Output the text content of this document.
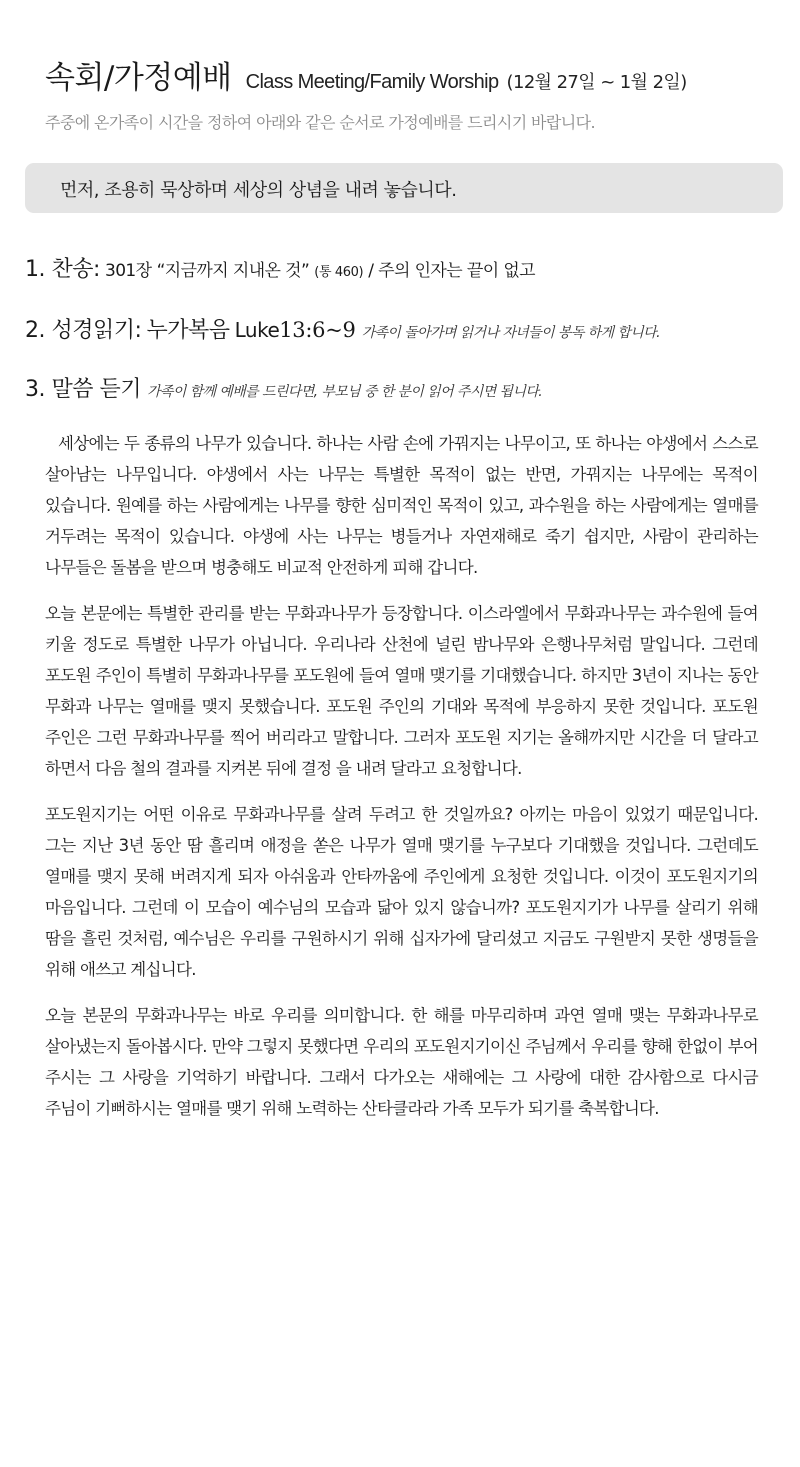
속회/가정예배 Class Meeting/Family Worship (12월 27일 ~ 1월 2일)
주중에 온가족이 시간을 정하여 아래와 같은 순서로 가정예배를 드리시기 바랍니다.
먼저, 조용히 묵상하며 세상의 상념을 내려 놓습니다.
1. 찬송: 301장 “지금까지 지내온 것” (통 460) / 주의 인자는 끝이 없고
2. 성경읽기: 누가복음 Luke13:6~9 가족이 돌아가며 읽거나 자녀들이 봉독 하게 합니다.
3. 말씀 듣기 가족이 함께 예배를 드린다면, 부모님 중 한 분이 읽어 주시면 됩니다.

세상에는 두 종류의 나무가 있습니다. 하나는 사람 손에 가꿔지는 나무이고, 또 하나는 야생에서 스스로 살아남는 나무입니다. 야생에서 사는 나무는 특별한 목적이 없는 반면, 가꿔지는 나무에는 목적이 있습니다. 원예를 하는 사람에게는 나무를 향한 심미적인 목적이 있고, 과수원을 하는 사람에게는 열매를 거두려는 목적이 있습니다. 야생에 사는 나무는 병들거나 자연재해로 죽기 쉽지만, 사람이 관리하는 나무들은 돌봄을 받으며 병충해도 비교적 안전하게 피해 갑니다.

오늘 본문에는 특별한 관리를 받는 무화과나무가 등장합니다. 이스라엘에서 무화과나무는 과수원에 들여 키울 정도로 특별한 나무가 아닙니다. 우리나라 산천에 널린 밤나무와 은행나무처럼 말입니다. 그런데 포도원 주인이 특별히 무화과나무를 포도원에 들여 열매 맺기를 기대했습니다. 하지만 3년이 지나는 동안 무화과 나무는 열매를 맺지 못했습니다. 포도원 주인의 기대와 목적에 부응하지 못한 것입니다. 포도원 주인은 그런 무화과나무를 찍어 버리라고 말합니다. 그러자 포도원 지기는 올해까지만 시간을 더 달라고 하면서 다음 철의 결과를 지켜본 뒤에 결정 을 내려 달라고 요청합니다.

포도원지기는 어떤 이유로 무화과나무를 살려 두려고 한 것일까요? 아끼는 마음이 있었기 때문입니다. 그는 지난 3년 동안 땀 흘리며 애정을 쏟은 나무가 열매 맺기를 누구보다 기대했을 것입니다. 그런데도 열매를 맺지 못해 버려지게 되자 아쉬움과 안타까움에 주인에게 요청한 것입니다. 이것이 포도원지기의 마음입니다. 그런데 이 모습이 예수님의 모습과 닮아 있지 않습니까? 포도원지기가 나무를 살리기 위해 땀을 흘린 것처럼, 예수님은 우리를 구원하시기 위해 십자가에 달리셨고 지금도 구원받지 못한 생명들을 위해 애쓰고 계십니다.

오늘 본문의 무화과나무는 바로 우리를 의미합니다. 한 해를 마무리하며 과연 열매 맺는 무화과나무로 살아냈는지 돌아봅시다. 만약 그렇지 못했다면 우리의 포도원지기이신 주님께서 우리를 향해 한없이 부어 주시는 그 사랑을 기억하기 바랍니다. 그래서 다가오는 새해에는 그 사랑에 대한 감사함으로 다시금 주님이 기뻐하시는 열매를 맺기 위해 노력하는 산타클라라 가족 모두가 되기를 축복합니다.
